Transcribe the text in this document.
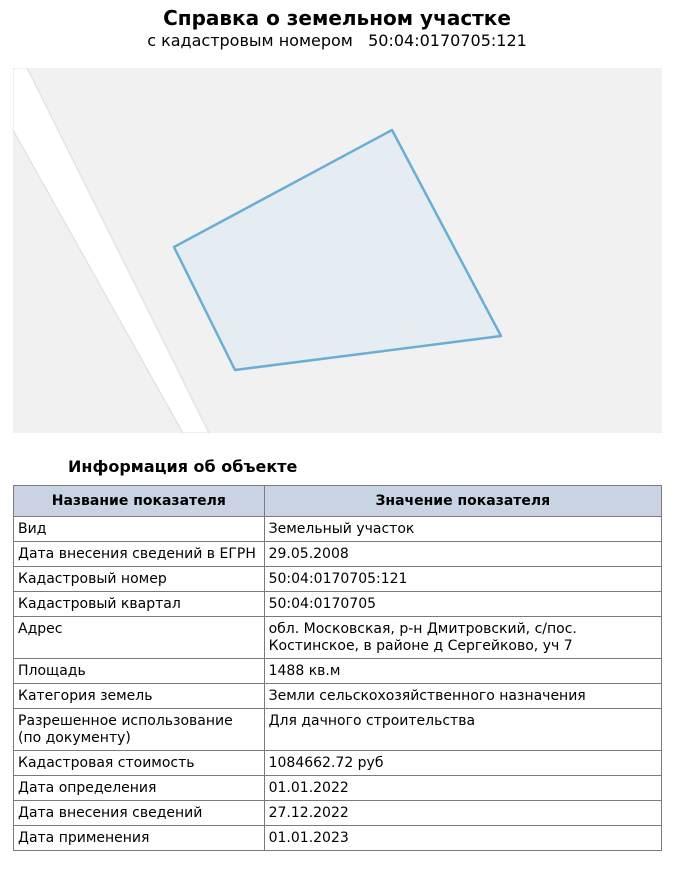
Справка о земельном участке
с кадастровым номером   50:04:0170705:121
Информация об объекте
Название показателя	Значение показателя
Вид	Земельный участок
Дата внесения сведений в ЕГРН	29.05.2008
Кадастровый номер	50:04:0170705:121
Кадастровый квартал	50:04:0170705
Адрес	обл. Московская, р-н Дмитровский, с/пос. Костинское, в районе д Сергейково, уч 7
Площадь	1488 кв.м
Категория земель	Земли сельскохозяйственного назначения
Разрешенное использование (по документу)	Для дачного строительства
Кадастровая стоимость	1084662.72 руб
Дата определения	01.01.2022
Дата внесения сведений	27.12.2022
Дата применения	01.01.2023
